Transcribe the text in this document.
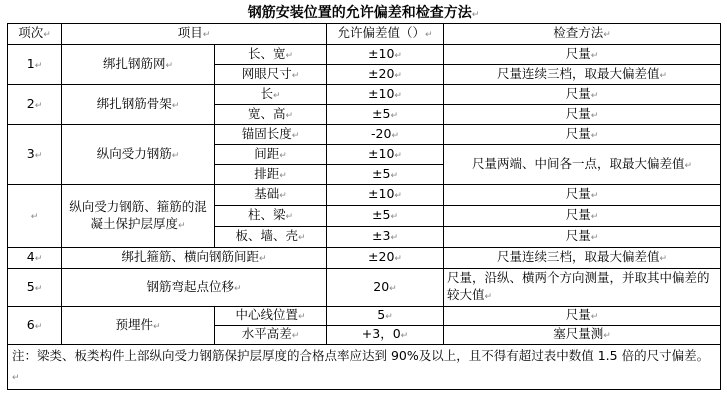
钢筋安装位置的允许偏差和检查方法↵
项次↵	项目↵		允许偏差值（）↵	检查方法↵
1↵	绑扎钢筋网↵	长、宽↵	±10↵	尺量↵
		网眼尺寸↵	±20↵	尺量连续三档，取最大偏差值↵
2↵	绑扎钢筋骨架↵	长↵	±10↵	尺量↵
		宽、高↵	±5↵	尺量↵
3↵	纵向受力钢筋↵	锚固长度↵	-20↵	尺量↵
		间距↵	±10↵	尺量两端、中间各一点，取最大偏差值↵
		排距↵	±5↵	
↵	纵向受力钢筋、箍筋的混凝土保护层厚度↵	基础↵	±10↵	尺量↵
		柱、梁↵	±5↵	尺量↵
		板、墙、壳↵	±3↵	尺量↵
4↵	绑扎箍筋、横向钢筋间距↵		±20↵	尺量连续三档，取最大偏差值↵
5↵	钢筋弯起点位移↵		20↵	尺量，沿纵、横两个方向测量，并取其中偏差的较大值↵
6↵	预埋件↵	中心线位置↵	5↵	尺量↵
		水平高差↵	+3，0↵	塞尺量测↵
注：梁类、板类构件上部纵向受力钢筋保护层厚度的合格点率应达到 90%及以上，且不得有超过表中数值 1.5 倍的尺寸偏差。↵				
